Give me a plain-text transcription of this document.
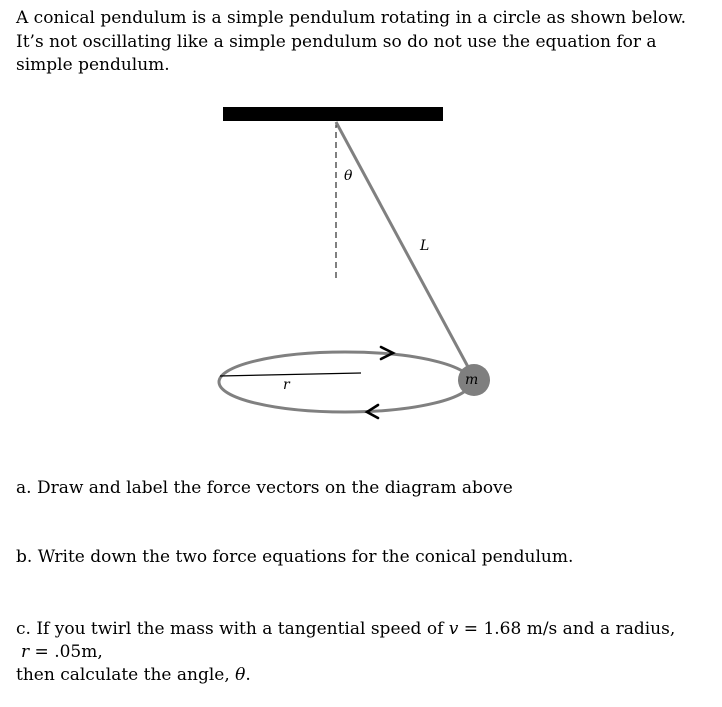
A conical pendulum is a simple pendulum rotating in a circle as shown below. It’s not oscillating like a simple pendulum so do not use the equation for a simple pendulum.

θ
L
r	m

a. Draw and label the force vectors on the diagram above

b. Write down the two force equations for the conical pendulum.

c. If you twirl the mass with a tangential speed of v = 1.68 m/s and a radius,
r = .05m,
then calculate the angle, θ.
